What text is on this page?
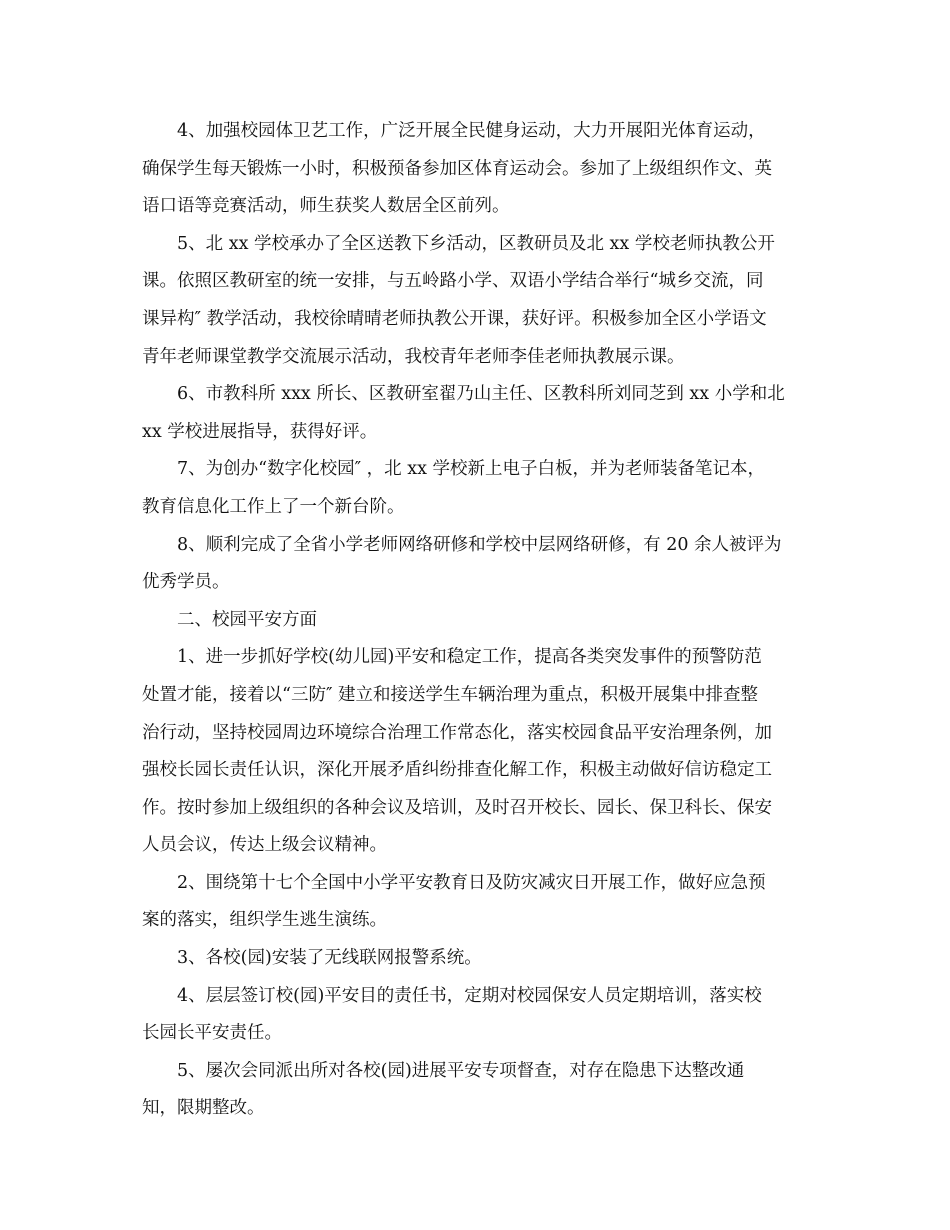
4、加强校园体卫艺工作，广泛开展全民健身运动，大力开展阳光体育运动，
确保学生每天锻炼一小时，积极预备参加区体育运动会。参加了上级组织作文、英
语口语等竞赛活动，师生获奖人数居全区前列。

5、北 xx 学校承办了全区送教下乡活动，区教研员及北 xx 学校老师执教公开
课。依照区教研室的统一安排，与五岭路小学、双语小学结合举行“城乡交流，同
课异构″ 教学活动，我校徐晴晴老师执教公开课，获好评。积极参加全区小学语文
青年老师课堂教学交流展示活动，我校青年老师李佳老师执教展示课。

6、市教科所 xxx 所长、区教研室翟乃山主任、区教科所刘同芝到 xx 小学和北
xx 学校进展指导，获得好评。

7、为创办“数字化校园″ ，北 xx 学校新上电子白板，并为老师装备笔记本，
教育信息化工作上了一个新台阶。

8、顺利完成了全省小学老师网络研修和学校中层网络研修，有 20 余人被评为
优秀学员。

二、校园平安方面

1、进一步抓好学校(幼儿园)平安和稳定工作，提高各类突发事件的预警防范
处置才能，接着以“三防″ 建立和接送学生车辆治理为重点，积极开展集中排查整
治行动，坚持校园周边环境综合治理工作常态化，落实校园食品平安治理条例，加
强校长园长责任认识，深化开展矛盾纠纷排查化解工作，积极主动做好信访稳定工
作。按时参加上级组织的各种会议及培训，及时召开校长、园长、保卫科长、保安
人员会议，传达上级会议精神。

2、围绕第十七个全国中小学平安教育日及防灾减灾日开展工作，做好应急预
案的落实，组织学生逃生演练。

3、各校(园)安装了无线联网报警系统。

4、层层签订校(园)平安目的责任书，定期对校园保安人员定期培训，落实校
长园长平安责任。

5、屡次会同派出所对各校(园)进展平安专项督查，对存在隐患下达整改通
知，限期整改。
